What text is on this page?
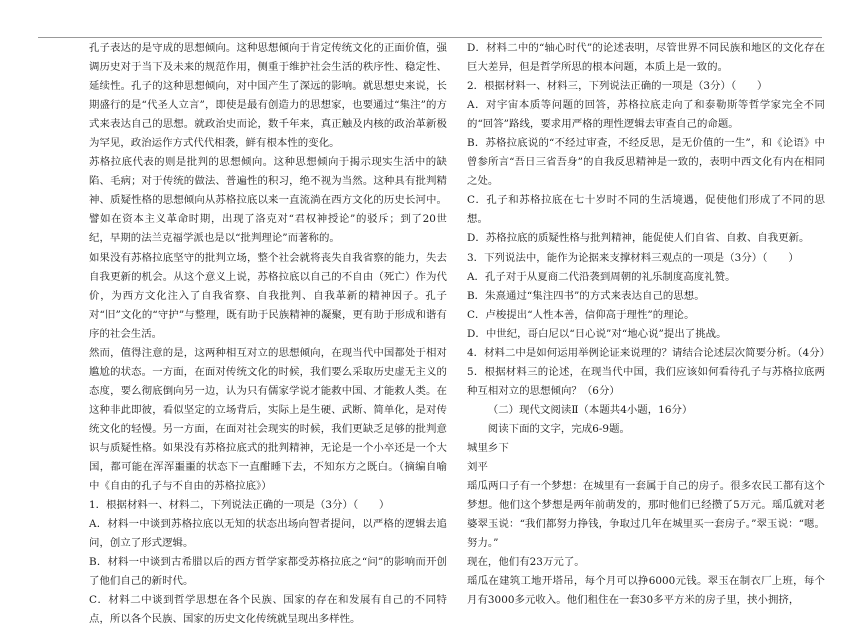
孔子表达的是守成的思想倾向。这种思想倾向于肯定传统文化的正面价值，强调历史对于当下及未来的规范作用，侧重于维护社会生活的秩序性、稳定性、延续性。孔子的这种思想倾向，对中国产生了深远的影响。就思想史来说，长期盛行的是“代圣人立言”，即使是最有创造力的思想家，也要通过“集注”的方式来表达自己的思想。就政治史而论，数千年来，真正触及内核的政治革新极为罕见，政治运作方式代代相袭，鲜有根本性的变化。

苏格拉底代表的则是批判的思想倾向。这种思想倾向于揭示现实生活中的缺陷、毛病；对于传统的做法、普遍性的积习，绝不视为当然。这种具有批判精神、质疑性格的思想倾向从苏格拉底以来一直流淌在西方文化的历史长河中。譬如在资本主义革命时期，出现了洛克对“君权神授论”的驳斥；到了20世纪，早期的法兰克福学派也是以“批判理论”而著称的。

如果没有苏格拉底坚守的批判立场，整个社会就将丧失自我省察的能力，失去自我更新的机会。从这个意义上说，苏格拉底以自己的不自由（死亡）作为代价，为西方文化注入了自我省察、自我批判、自我革新的精神因子。孔子对“旧”文化的“守护”与整理，既有助于民族精神的凝聚，更有助于形成和谐有序的社会生活。

然而，值得注意的是，这两种相互对立的思想倾向，在现当代中国都处于相对尴尬的状态。一方面，在面对传统文化的时候，我们要么采取历史虚无主义的态度，要么彻底倒向另一边，认为只有儒家学说才能救中国、才能救人类。在这种非此即彼，看似坚定的立场背后，实际上是生硬、武断、简单化，是对传统文化的轻慢。另一方面，在面对社会现实的时候，我们更缺乏足够的批判意识与质疑性格。如果没有苏格拉底式的批判精神，无论是一个小卒还是一个大国，都可能在浑浑噩噩的状态下一直酣睡下去，不知东方之既白。（摘编自喻中《自由的孔子与不自由的苏格拉底》）

1．根据材料一、材料二，下列说法正确的一项是（3分）（　　）

A．材料一中谈到苏格拉底以无知的状态出场向智者提问，以严格的逻辑去追问，创立了形式逻辑。

B．材料一中谈到古希腊以后的西方哲学家都受苏格拉底之“问”的影响而开创了他们自己的新时代。

C．材料二中谈到哲学思想在各个民族、国家的存在和发展有自己的不同特点，所以各个民族、国家的历史文化传统就呈现出多样性。

D．材料二中的“轴心时代”的论述表明，尽管世界不同民族和地区的文化存在巨大差异，但是哲学所思的根本问题，本质上是一致的。

2．根据材料一、材料三，下列说法正确的一项是（3分）（　　）

A．对宇宙本质等问题的回答，苏格拉底走向了和泰勒斯等哲学家完全不同的“回答”路线，要求用严格的理性逻辑去审查自己的命题。

B．苏格拉底说的“不经过审查，不经反思，是无价值的一生”，和《论语》中曾参所言“吾日三省吾身”的自我反思精神是一致的，表明中西文化有内在相同之处。

C．孔子和苏格拉底在七十岁时不同的生活境遇，促使他们形成了不同的思想。

D．苏格拉底的质疑性格与批判精神，能促使人们自省、自救、自我更新。

3．下列说法中，能作为论据来支撑材料三观点的一项是（3分）（　　）

A．孔子对于从夏商二代沿袭到周朝的礼乐制度高度礼赞。

B．朱熹通过“集注四书”的方式来表达自己的思想。

C．卢梭提出“人性本善，信仰高于理性”的理论。

D．中世纪，哥白尼以“日心说”对“地心说”提出了挑战。

4．材料二中是如何运用举例论证来说理的？请结合论述层次简要分析。（4分）

5．根据材料三的论述，在现当代中国，我们应该如何看待孔子与苏格拉底两种互相对立的思想倾向？（6分）

（二）现代文阅读Ⅱ（本题共4小题，16分）

阅读下面的文字，完成6-9题。

城里乡下

刘平

瑶瓜两口子有一个梦想：在城里有一套属于自己的房子。很多农民工都有这个梦想。他们这个梦想是两年前萌发的，那时他们已经攒了5万元。瑶瓜就对老婆翠玉说：“我们都努力挣钱，争取过几年在城里买一套房子。”翠玉说：“嗯。努力。”

现在，他们有23万元了。

瑶瓜在建筑工地开塔吊，每个月可以挣6000元钱。翠玉在制衣厂上班，每个月有3000多元收入。他们租住在一套30多平方米的房子里，挟小拥挤，
